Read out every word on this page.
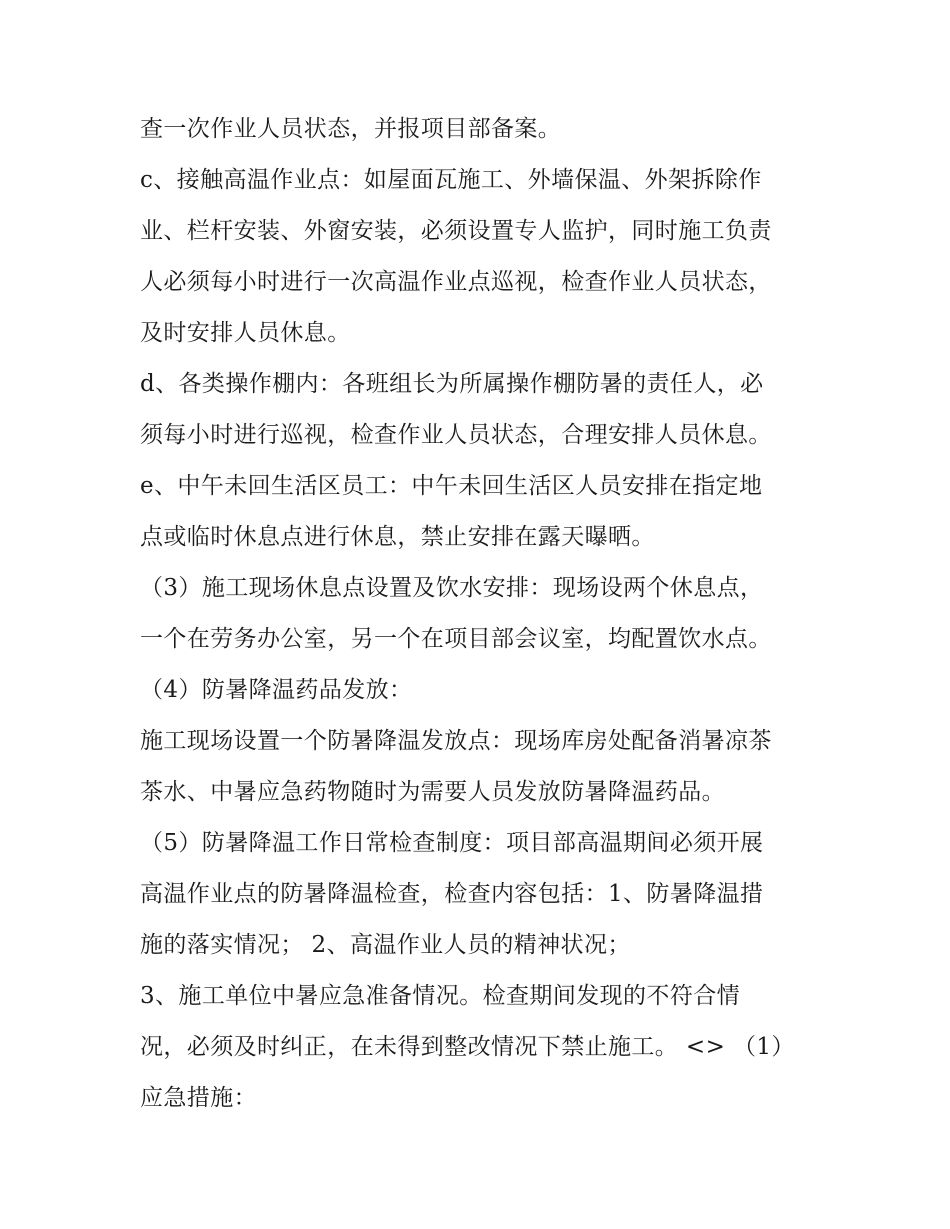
查一次作业人员状态，并报项目部备案。
c、接触高温作业点：如屋面瓦施工、外墙保温、外架拆除作
业、栏杆安装、外窗安装，必须设置专人监护，同时施工负责
人必须每小时进行一次高温作业点巡视，检查作业人员状态，
及时安排人员休息。
d、各类操作棚内：各班组长为所属操作棚防暑的责任人，必
须每小时进行巡视，检查作业人员状态，合理安排人员休息。
e、中午未回生活区员工：中午未回生活区人员安排在指定地
点或临时休息点进行休息，禁止安排在露天曝晒。
（3）施工现场休息点设置及饮水安排：现场设两个休息点，
一个在劳务办公室，另一个在项目部会议室，均配置饮水点。
（4）防暑降温药品发放：
施工现场设置一个防暑降温发放点：现场库房处配备消暑凉茶
茶水、中暑应急药物随时为需要人员发放防暑降温药品。
（5）防暑降温工作日常检查制度：项目部高温期间必须开展
高温作业点的防暑降温检查，检查内容包括：1、防暑降温措
施的落实情况； 2、高温作业人员的精神状况；
3、施工单位中暑应急准备情况。检查期间发现的不符合情
况，必须及时纠正，在未得到整改情况下禁止施工。 <> （1）
应急措施：
